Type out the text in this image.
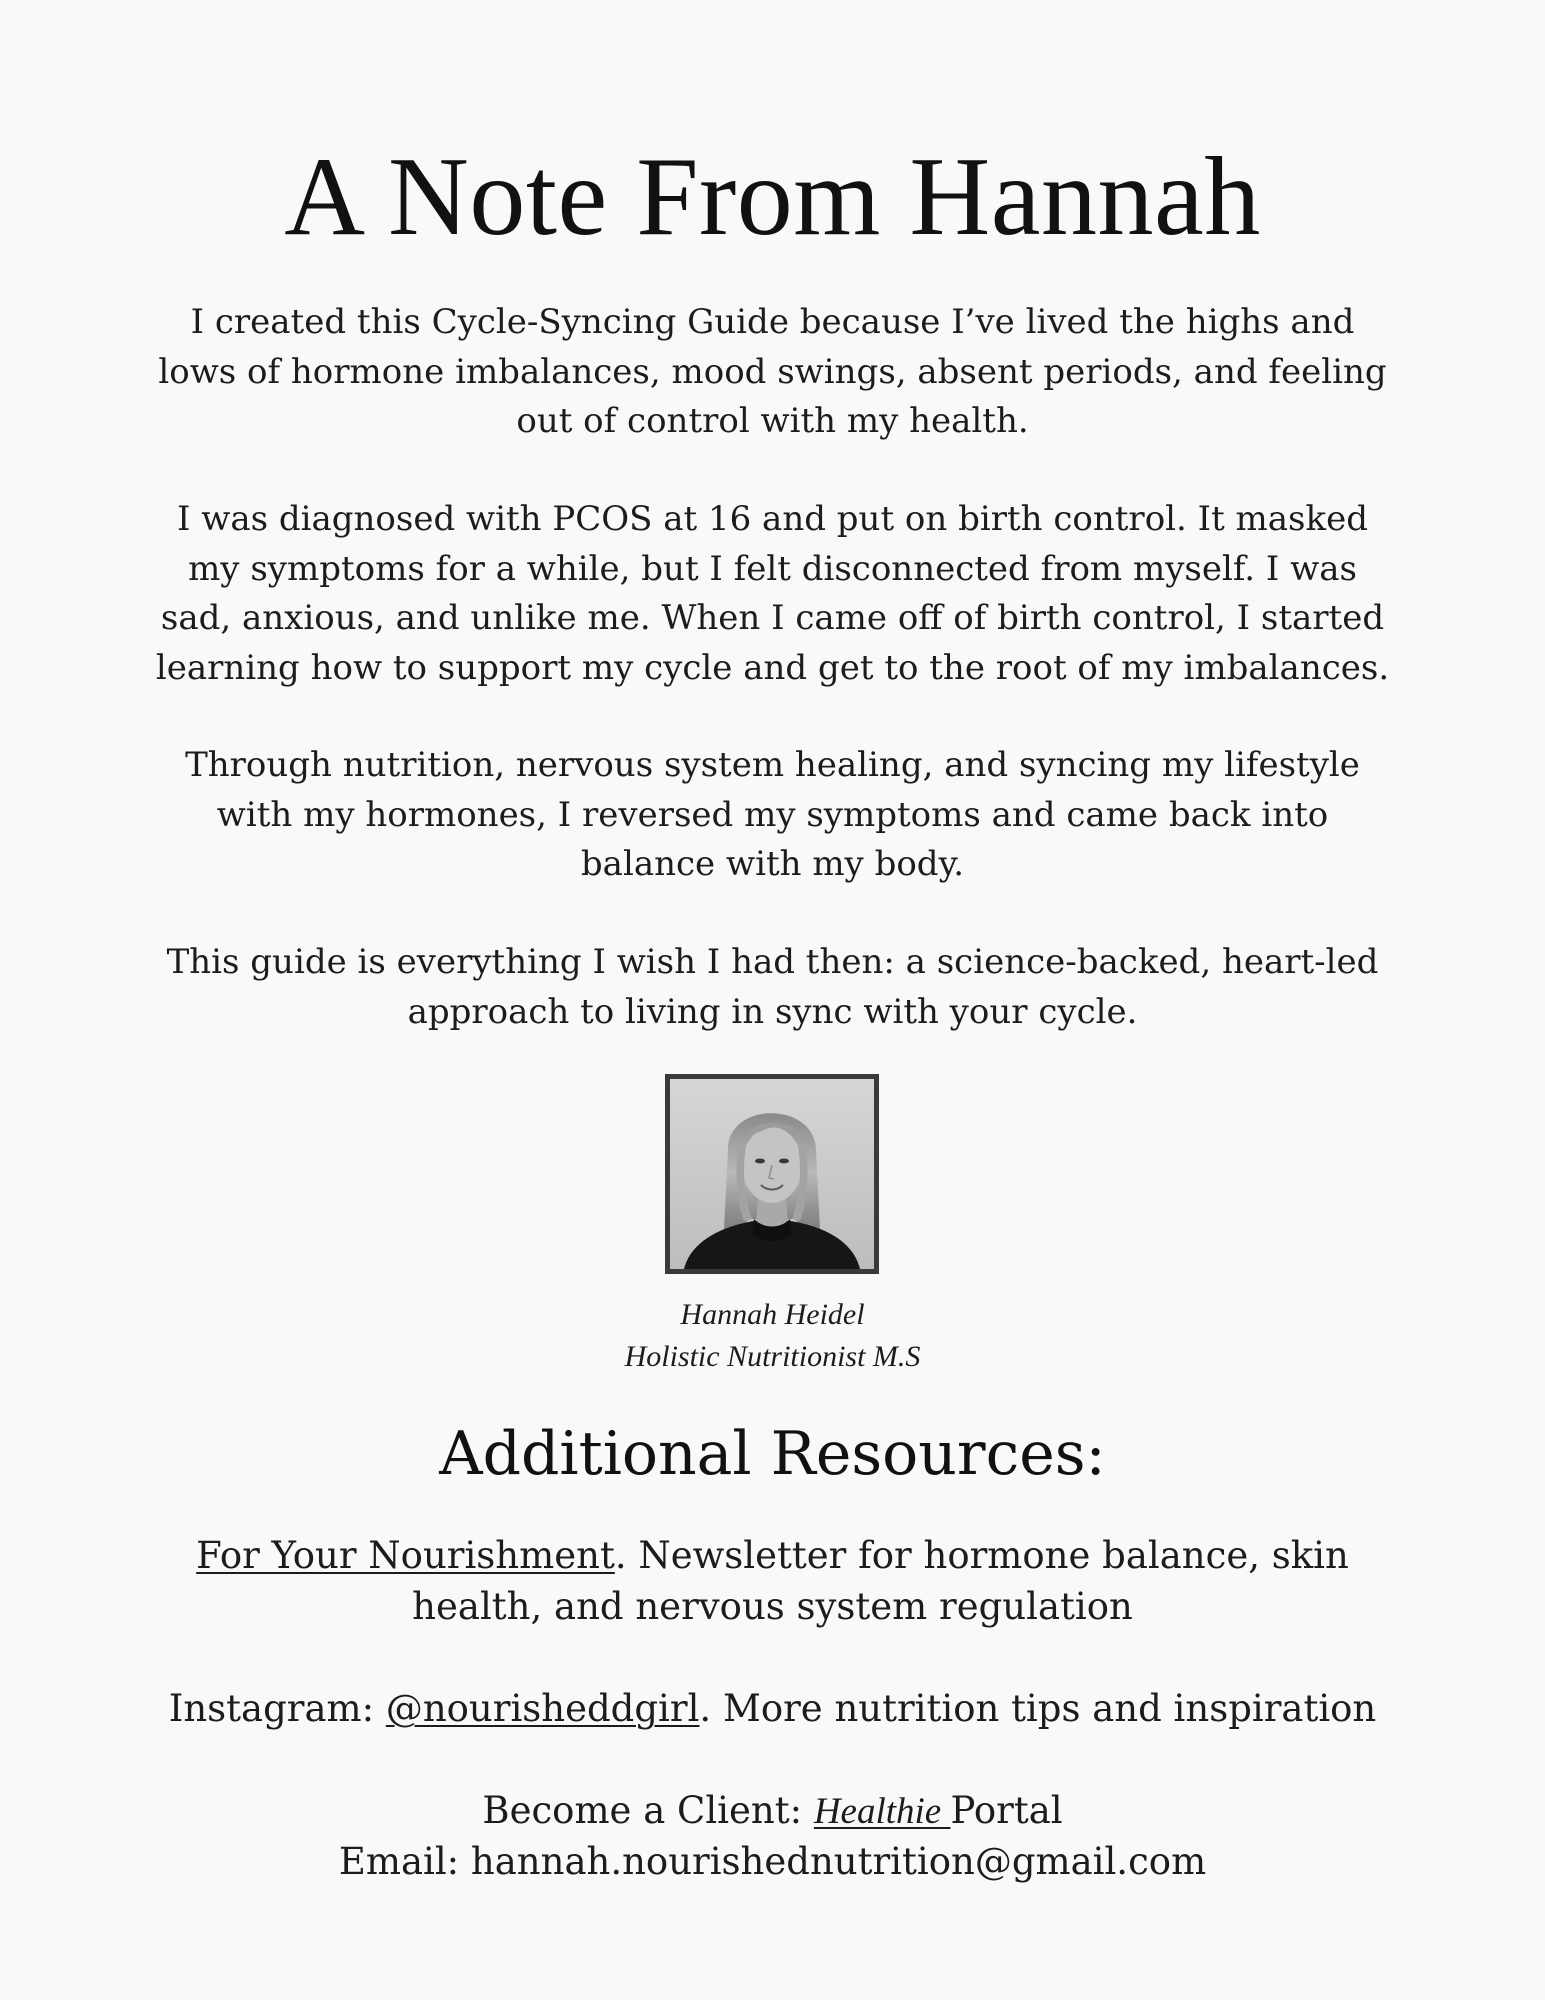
A Note From Hannah

I created this Cycle-Syncing Guide because I’ve lived the highs and lows of hormone imbalances, mood swings, absent periods, and feeling out of control with my health.

I was diagnosed with PCOS at 16 and put on birth control. It masked my symptoms for a while, but I felt disconnected from myself. I was sad, anxious, and unlike me. When I came off of birth control, I started learning how to support my cycle and get to the root of my imbalances.

Through nutrition, nervous system healing, and syncing my lifestyle with my hormones, I reversed my symptoms and came back into balance with my body.

This guide is everything I wish I had then: a science-backed, heart-led approach to living in sync with your cycle.

Hannah Heidel

Holistic Nutritionist M.S

Additional Resources:

For Your Nourishment. Newsletter for hormone balance, skin health, and nervous system regulation

Instagram: @nourisheddgirl. More nutrition tips and inspiration

Become a Client: Healthie Portal

Email: hannah.nourishednutrition@gmail.com
